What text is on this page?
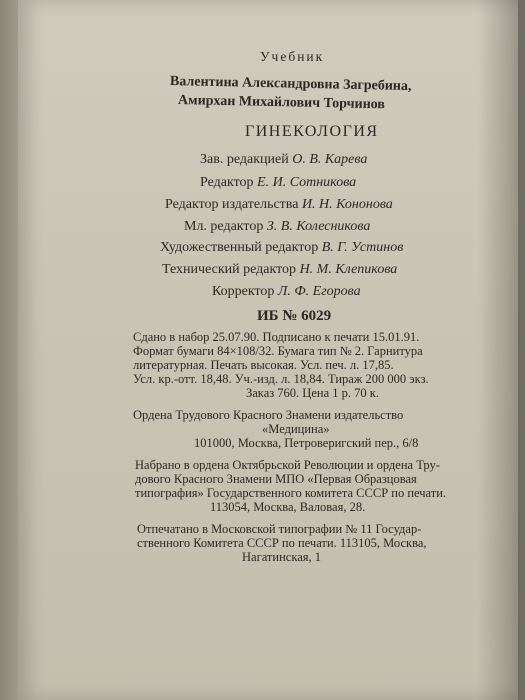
Учебник
Валентина Александровна Загребина,
Амирхан Михайлович Торчинов
ГИНЕКОЛОГИЯ
Зав. редакцией О. В. Карева
Редактор Е. И. Сотникова
Редактор издательства И. Н. Кононова
Мл. редактор З. В. Колесникова
Художественный редактор В. Г. Устинов
Технический редактор Н. М. Клепикова
Корректор Л. Ф. Егорова
ИБ № 6029
Сдано в набор 25.07.90. Подписано к печати 15.01.91.
Формат бумаги 84×108/32. Бумага тип № 2. Гарнитура
литературная. Печать высокая. Усл. печ. л. 17,85.
Усл. кр.-отт. 18,48. Уч.-изд. л. 18,84. Тираж 200 000 экз.
Заказ 760. Цена 1 р. 70 к.
Ордена Трудового Красного Знамени издательство
«Медицина»
101000, Москва, Петроверигский пер., 6/8
Набрано в ордена Октябрьской Революции и ордена Тру-
дового Красного Знамени МПО «Первая Образцовая
типография» Государственного комитета СССР по печати.
113054, Москва, Валовая, 28.
Отпечатано в Московской типографии № 11 Государ-
ственного Комитета СССР по печати. 113105, Москва,
Нагатинская, 1
